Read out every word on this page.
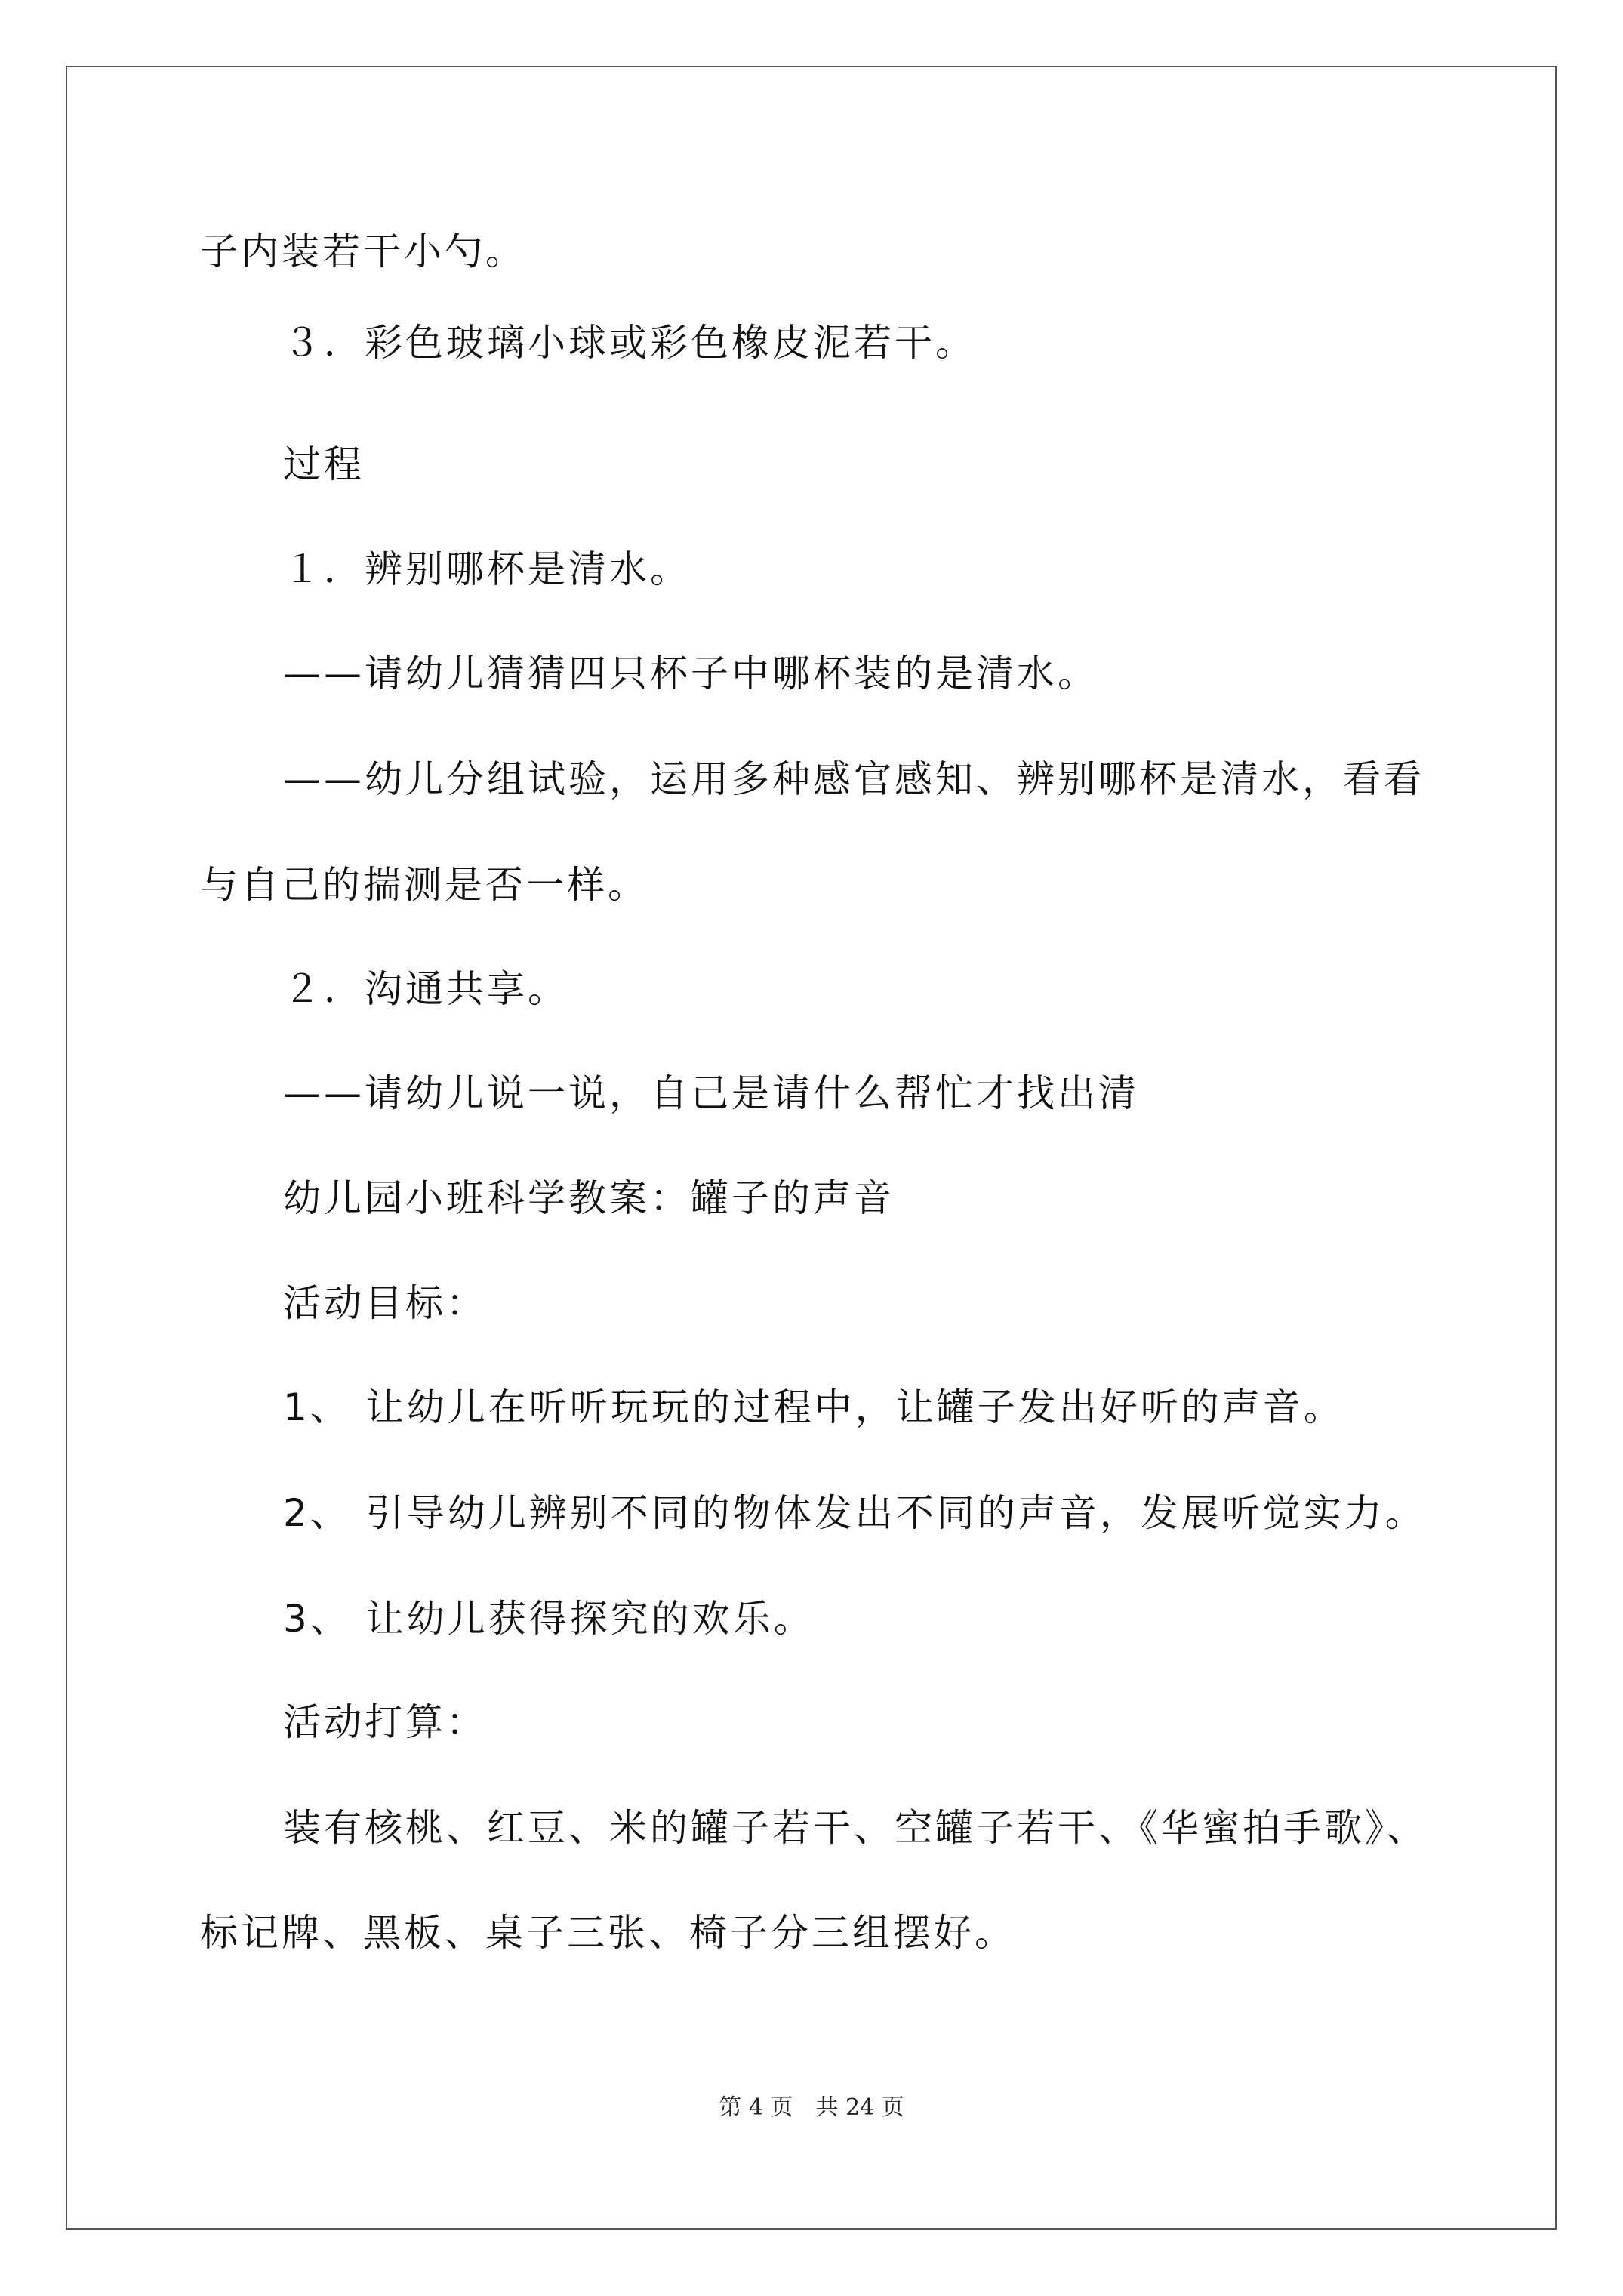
子内装若干小勺。
３．彩色玻璃小球或彩色橡皮泥若干。
过程
１．辨别哪杯是清水。
——请幼儿猜猜四只杯子中哪杯装的是清水。
——幼儿分组试验，运用多种感官感知、辨别哪杯是清水，看看
与自己的揣测是否一样。
２．沟通共享。
——请幼儿说一说，自己是请什么帮忙才找出清
幼儿园小班科学教案：罐子的声音
活动目标：
1、 让幼儿在听听玩玩的过程中，让罐子发出好听的声音。
2、 引导幼儿辨别不同的物体发出不同的声音，发展听觉实力。
3、 让幼儿获得探究的欢乐。
活动打算：
装有核桃、红豆、米的罐子若干、空罐子若干、《华蜜拍手歌》、
标记牌、黑板、桌子三张、椅子分三组摆好。
第 4 页　共 24 页
